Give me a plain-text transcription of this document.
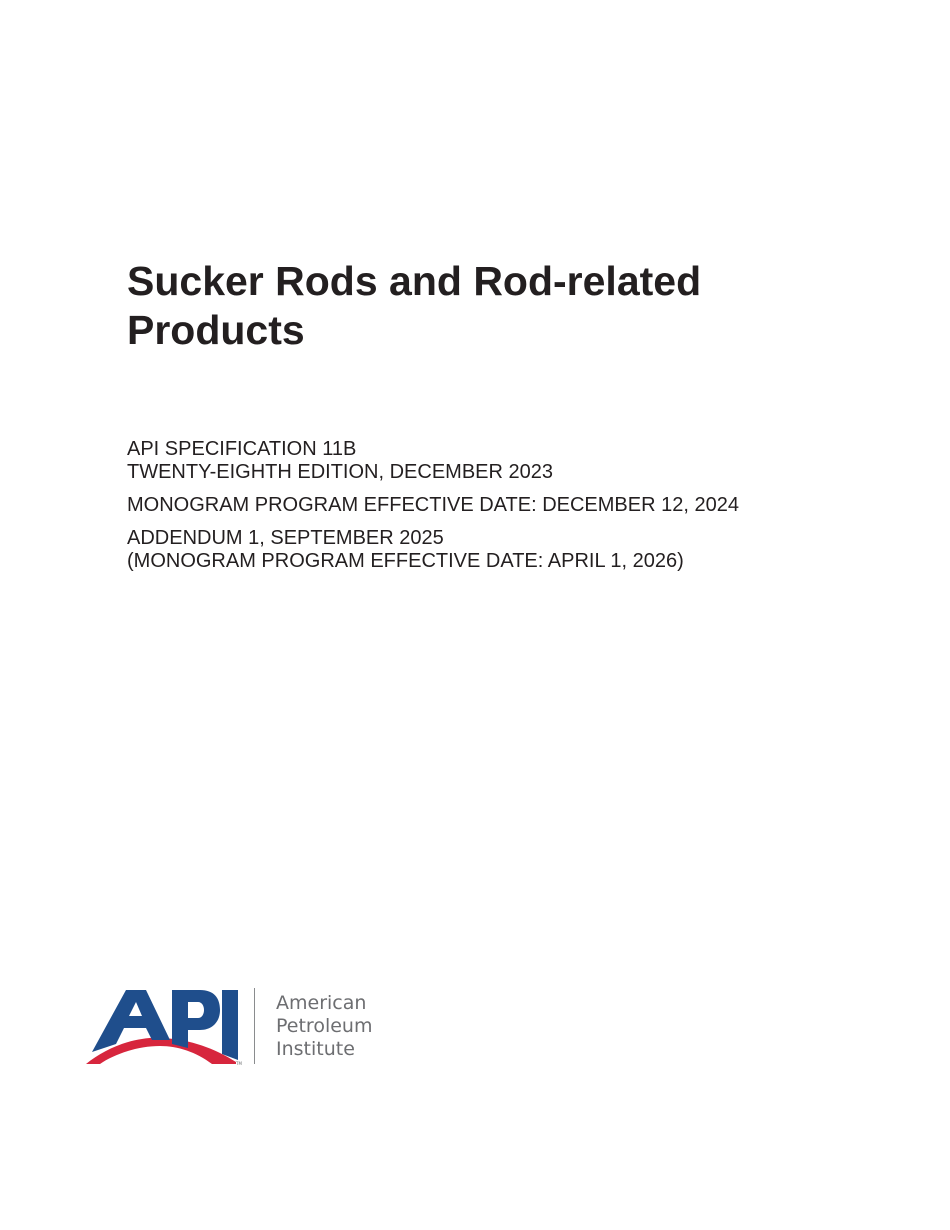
Sucker Rods and Rod-related
Products
API SPECIFICATION 11B
TWENTY-EIGHTH EDITION, DECEMBER 2023
MONOGRAM PROGRAM EFFECTIVE DATE: DECEMBER 12, 2024
ADDENDUM 1, SEPTEMBER 2025
(MONOGRAM PROGRAM EFFECTIVE DATE: APRIL 1, 2026)
TM
American
Petroleum
Institute
